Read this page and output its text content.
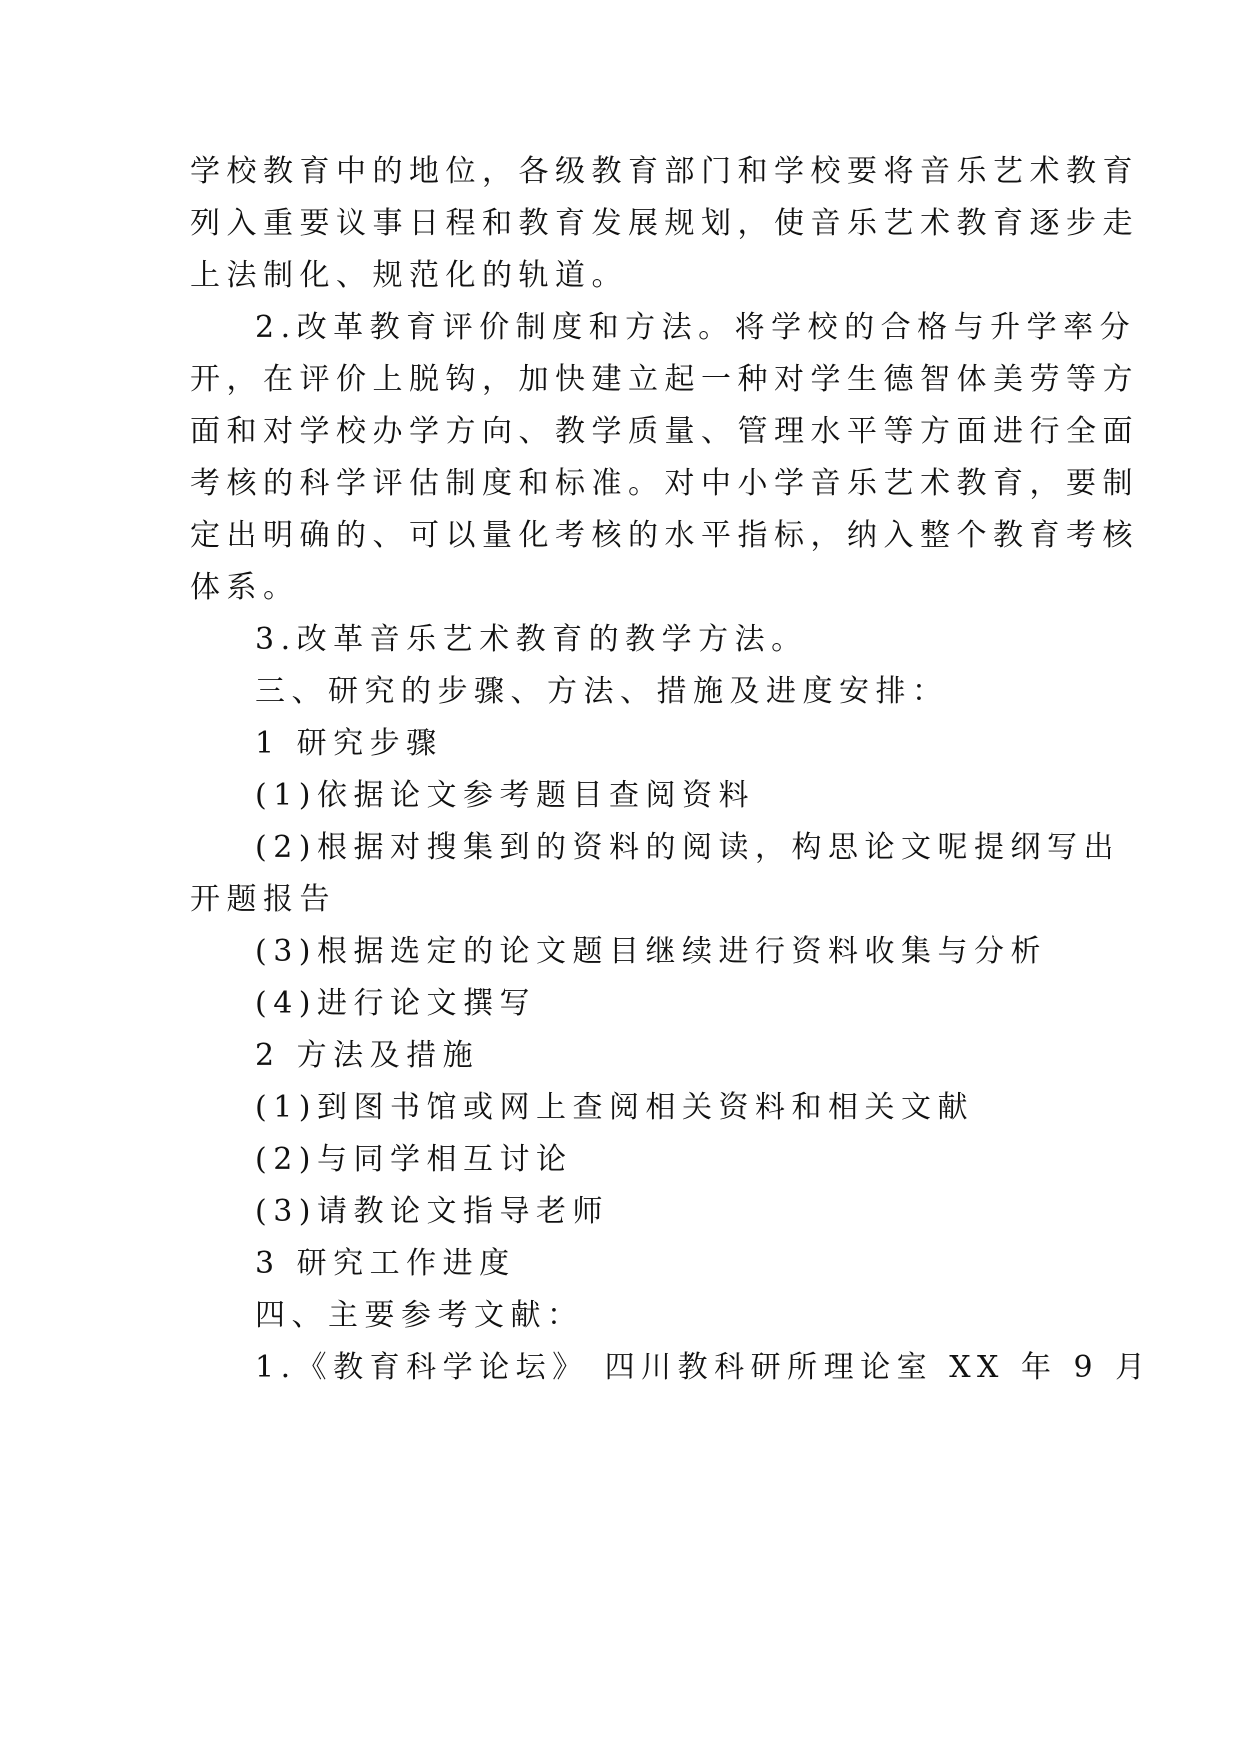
学校教育中的地位，各级教育部门和学校要将音乐艺术教育
列入重要议事日程和教育发展规划，使音乐艺术教育逐步走
上法制化、规范化的轨道。
2.改革教育评价制度和方法。将学校的合格与升学率分
开，在评价上脱钩，加快建立起一种对学生德智体美劳等方
面和对学校办学方向、教学质量、管理水平等方面进行全面
考核的科学评估制度和标准。对中小学音乐艺术教育，要制
定出明确的、可以量化考核的水平指标，纳入整个教育考核
体系。
3.改革音乐艺术教育的教学方法。
三、研究的步骤、方法、措施及进度安排：
1 研究步骤
(1)依据论文参考题目查阅资料
(2)根据对搜集到的资料的阅读，构思论文呢提纲写出
开题报告
(3)根据选定的论文题目继续进行资料收集与分析
(4)进行论文撰写
2 方法及措施
(1)到图书馆或网上查阅相关资料和相关文献
(2)与同学相互讨论
(3)请教论文指导老师
3 研究工作进度
四、主要参考文献：
1.《教育科学论坛》 四川教科研所理论室 XX 年 9 月
